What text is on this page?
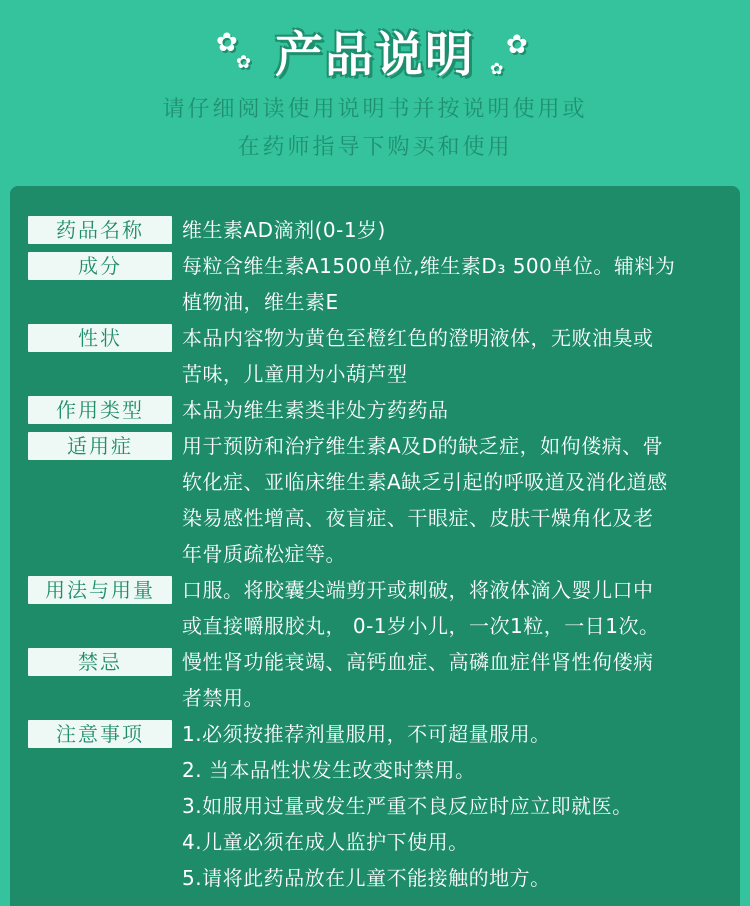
✿
✿ 产品说明	✿
✿
请仔细阅读使用说明书并按说明使用或
在药师指导下购买和使用
药品名称	维生素AD滴剂(0-1岁)

成分	每粒含维生素A1500单位,维生素D₃ 500单位。辅料为

植物油，维生素E

性状	本品内容物为黄色至橙红色的澄明液体，无败油臭或

苦味，儿童用为小葫芦型

作用类型	本品为维生素类非处方药药品

适用症	用于预防和治疗维生素A及D的缺乏症，如佝偻病、骨

软化症、亚临床维生素A缺乏引起的呼吸道及消化道感

染易感性增高、夜盲症、干眼症、皮肤干燥角化及老

年骨质疏松症等。

用法与用量	口服。将胶囊尖端剪开或刺破，将液体滴入婴儿口中

或直接嚼服胶丸， 0-1岁小儿，一次1粒，一日1次。

禁忌	慢性肾功能衰竭、高钙血症、高磷血症伴肾性佝偻病

者禁用。

注意事项	1.必须按推荐剂量服用，不可超量服用。

2. 当本品性状发生改变时禁用。

3.如服用过量或发生严重不良反应时应立即就医。

4.儿童必须在成人监护下使用。

5.请将此药品放在儿童不能接触的地方。
